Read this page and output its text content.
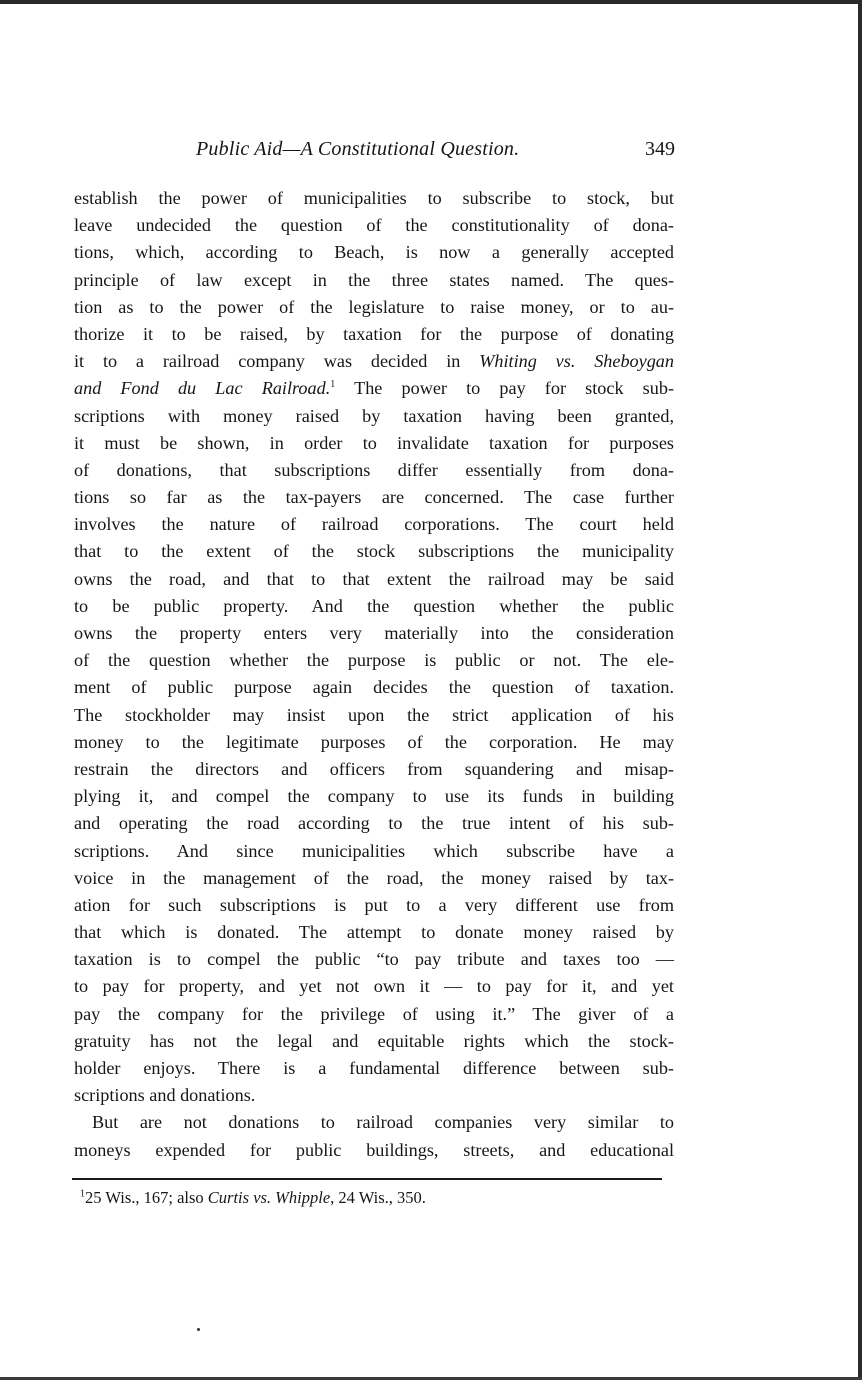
Public Aid—A Constitutional Question.	349
establish the power of municipalities to subscribe to stock, but
leave undecided the question of the constitutionality of dona-
tions, which, according to Beach, is now a generally accepted
principle of law except in the three states named. The ques-
tion as to the power of the legislature to raise money, or to au-
thorize it to be raised, by taxation for the purpose of donating
it to a railroad company was decided in Whiting vs. Sheboygan
and Fond du Lac Railroad.$^1$ The power to pay for stock sub-
scriptions with money raised by taxation having been granted,
it must be shown, in order to invalidate taxation for purposes
of donations, that subscriptions differ essentially from dona-
tions so far as the tax-payers are concerned. The case further
involves the nature of railroad corporations. The court held
that to the extent of the stock subscriptions the municipality
owns the road, and that to that extent the railroad may be said
to be public property. And the question whether the public
owns the property enters very materially into the consideration
of the question whether the purpose is public or not. The ele-
ment of public purpose again decides the question of taxation.
The stockholder may insist upon the strict application of his
money to the legitimate purposes of the corporation. He may
restrain the directors and officers from squandering and misap-
plying it, and compel the company to use its funds in building
and operating the road according to the true intent of his sub-
scriptions. And since municipalities which subscribe have a
voice in the management of the road, the money raised by tax-
ation for such subscriptions is put to a very different use from
that which is donated. The attempt to donate money raised by
taxation is to compel the public “to pay tribute and taxes too —
to pay for property, and yet not own it — to pay for it, and yet
pay the company for the privilege of using it.” The giver of a
gratuity has not the legal and equitable rights which the stock-
holder enjoys. There is a fundamental difference between sub-
scriptions and donations.
But are not donations to railroad companies very similar to
moneys expended for public buildings, streets, and educational
$^1$25 Wis., 167; also Curtis vs. Whipple, 24 Wis., 350.
